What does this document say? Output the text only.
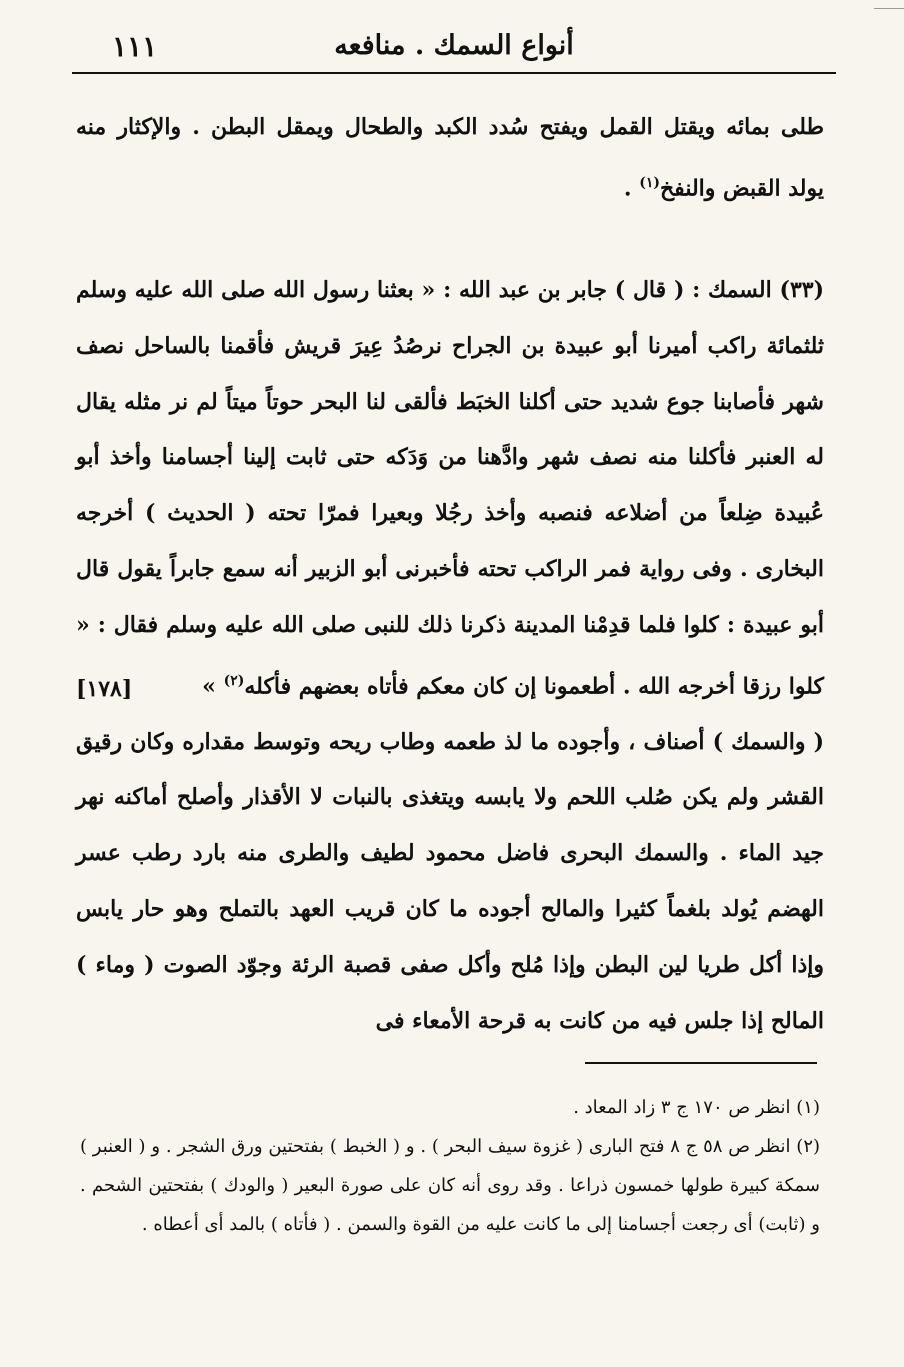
أنواع السمك . منافعه
١١١

طلى بمائه ويقتل القمل ويفتح سُدد الكبد والطحال ويمقل البطن . والإكثار منه يولد القبض والنفخ$^{(١)}$ .

(٣٣) السمك : ( قال ) جابر بن عبد الله : « بعثنا رسول الله صلى الله عليه وسلم ثلثمائة راكب أميرنا أبو عبيدة بن الجراح نرصُدُ عِيرَ قريش فأقمنا بالساحل نصف شهر فأصابنا جوع شديد حتى أكلنا الخبَط فألقى لنا البحر حوتاً ميتاً لم نر مثله يقال له العنبر فأكلنا منه نصف شهر وادَّهنا من وَدَكه حتى ثابت إلينا أجسامنا وأخذ أبو عُبيدة ضِلعاً من أضلاعه فنصبه وأخذ رجُلا وبعيرا فمرّا تحته ( الحديث ) أخرجه البخارى . وفى رواية فمر الراكب تحته فأخبرنى أبو الزبير أنه سمع جابراً يقول قال أبو عبيدة : كلوا فلما قدِمْنا المدينة ذكرنا ذلك للنبى صلى الله عليه وسلم فقال : « كلوا رزقا أخرجه الله . أطعمونا إن كان معكم فأتاه بعضهم فأكله$^{(٢)}$ »

( والسمك ) أصناف ، وأجوده ما لذ طعمه وطاب ريحه وتوسط مقداره وكان رقيق القشر ولم يكن صُلب اللحم ولا يابسه ويتغذى بالنبات لا الأقذار وأصلح أماكنه نهر جيد الماء . والسمك البحرى فاضل محمود لطيف والطرى منه بارد رطب عسر الهضم يُولد بلغماً كثيرا والمالح أجوده ما كان قريب العهد بالتملح وهو حار يابس وإذا أكل طريا لين البطن وإذا مُلح وأكل صفى قصبة الرئة وجوّد الصوت ( وماء ) المالح إذا جلس فيه من كانت به قرحة الأمعاء فى

[١٧٨]

(١) انظر ص ١٧٠ ج ٣ زاد المعاد .

(٢) انظر ص ٥٨ ج ٨ فتح البارى ( غزوة سيف البحر ) . و ( الخبط ) بفتحتين ورق الشجر . و ( العنبر ) سمكة كبيرة طولها خمسون ذراعا . وقد روى أنه كان على صورة البعير ( والودك ) بفتحتين الشحم . و (ثابت) أى رجعت أجسامنا إلى ما كانت عليه من القوة والسمن . ( فأتاه ) بالمد أى أعطاه .
